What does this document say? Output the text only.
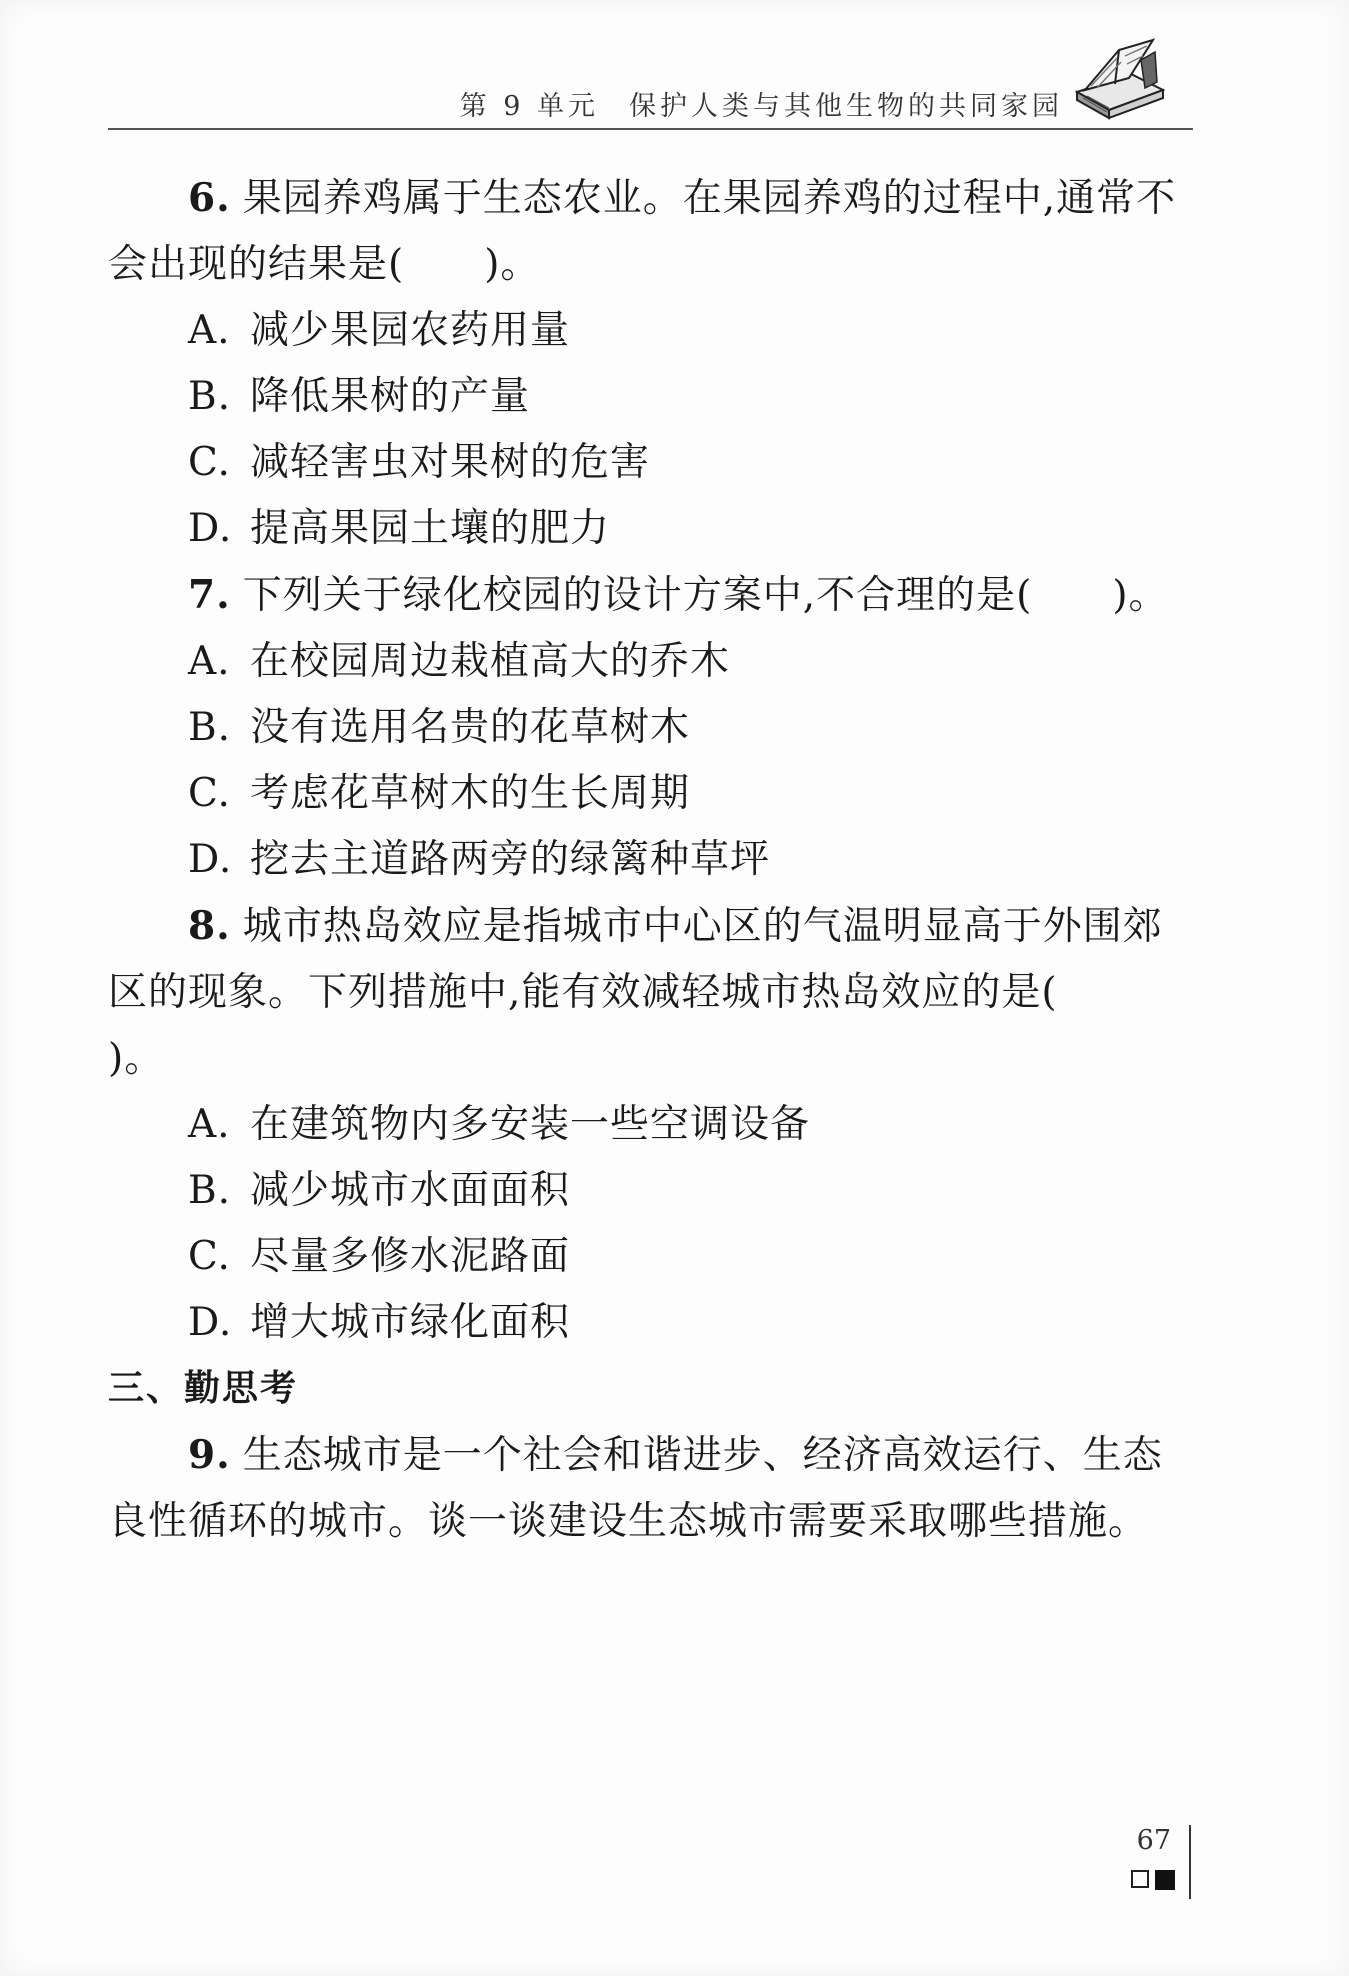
第 9 单元 保护人类与其他生物的共同家园

6. 果园养鸡属于生态农业。在果园养鸡的过程中,通常不会出现的结果是( )。

A. 减少果园农药用量

B. 降低果树的产量

C. 减轻害虫对果树的危害

D. 提高果园土壤的肥力

7. 下列关于绿化校园的设计方案中,不合理的是( )。

A. 在校园周边栽植高大的乔木

B. 没有选用名贵的花草树木

C. 考虑花草树木的生长周期

D. 挖去主道路两旁的绿篱种草坪

8. 城市热岛效应是指城市中心区的气温明显高于外围郊区的现象。下列措施中,能有效减轻城市热岛效应的是()。

A. 在建筑物内多安装一些空调设备

B. 减少城市水面面积

C. 尽量多修水泥路面

D. 增大城市绿化面积

三、勤思考

9. 生态城市是一个社会和谐进步、经济高效运行、生态良性循环的城市。谈一谈建设生态城市需要采取哪些措施。

67
